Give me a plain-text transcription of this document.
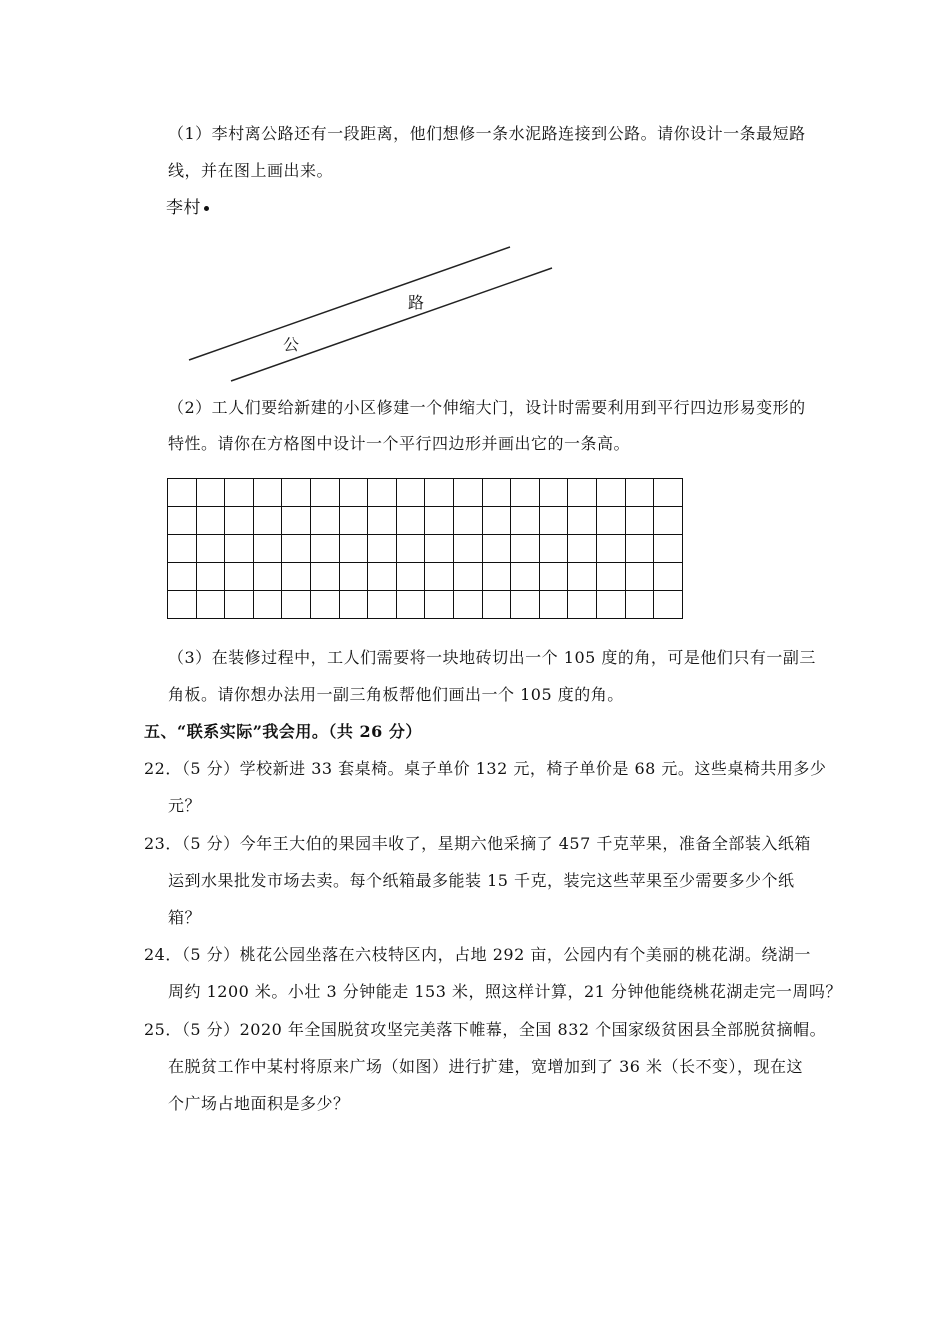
（1）李村离公路还有一段距离，他们想修一条水泥路连接到公路。请你设计一条最短路
线，并在图上画出来。
李村
路
公
（2）工人们要给新建的小区修建一个伸缩大门，设计时需要利用到平行四边形易变形的
特性。请你在方格图中设计一个平行四边形并画出它的一条高。

（3）在装修过程中，工人们需要将一块地砖切出一个 105 度的角，可是他们只有一副三
角板。请你想办法用一副三角板帮他们画出一个 105 度的角。
五、“联系实际”我会用。（共 26 分）
22．（5 分）学校新进 33 套桌椅。桌子单价 132 元，椅子单价是 68 元。这些桌椅共用多少
元？
23．（5 分）今年王大伯的果园丰收了，星期六他采摘了 457 千克苹果，准备全部装入纸箱
运到水果批发市场去卖。每个纸箱最多能装 15 千克，装完这些苹果至少需要多少个纸
箱？
24．（5 分）桃花公园坐落在六枝特区内，占地 292 亩，公园内有个美丽的桃花湖。绕湖一
周约 1200 米。小壮 3 分钟能走 153 米，照这样计算，21 分钟他能绕桃花湖走完一周吗？
25．（5 分）2020 年全国脱贫攻坚完美落下帷幕，全国 832 个国家级贫困县全部脱贫摘帽。
在脱贫工作中某村将原来广场（如图）进行扩建，宽增加到了 36 米（长不变），现在这
个广场占地面积是多少？
